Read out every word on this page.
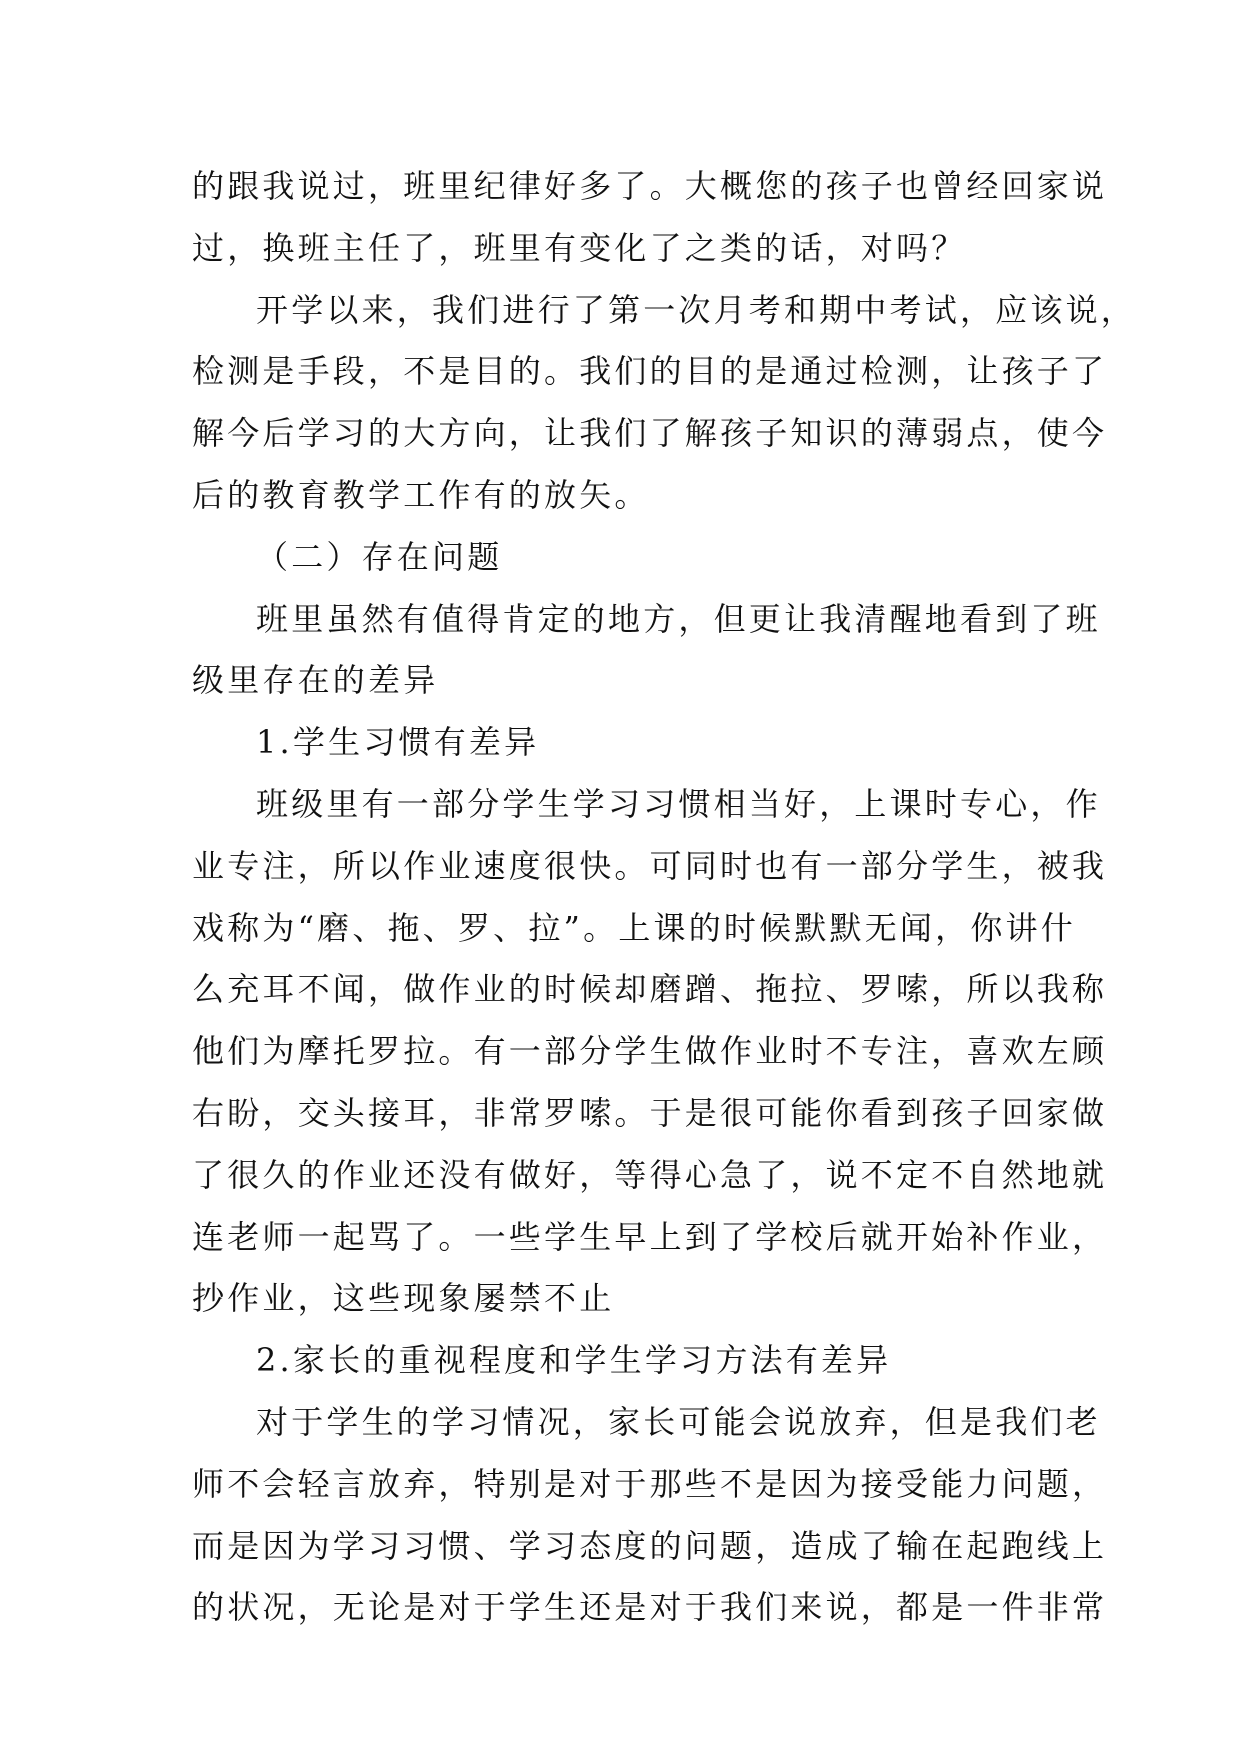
的跟我说过，班里纪律好多了。大概您的孩子也曾经回家说
过，换班主任了，班里有变化了之类的话，对吗？
开学以来，我们进行了第一次月考和期中考试，应该说，
检测是手段，不是目的。我们的目的是通过检测，让孩子了
解今后学习的大方向，让我们了解孩子知识的薄弱点，使今
后的教育教学工作有的放矢。
（二）存在问题
班里虽然有值得肯定的地方，但更让我清醒地看到了班
级里存在的差异
1.学生习惯有差异
班级里有一部分学生学习习惯相当好，上课时专心，作
业专注，所以作业速度很快。可同时也有一部分学生，被我
戏称为“磨、拖、罗、拉”。上课的时候默默无闻，你讲什
么充耳不闻，做作业的时候却磨蹭、拖拉、罗嗦，所以我称
他们为摩托罗拉。有一部分学生做作业时不专注，喜欢左顾
右盼，交头接耳，非常罗嗦。于是很可能你看到孩子回家做
了很久的作业还没有做好，等得心急了，说不定不自然地就
连老师一起骂了。一些学生早上到了学校后就开始补作业，
抄作业，这些现象屡禁不止
2.家长的重视程度和学生学习方法有差异
对于学生的学习情况，家长可能会说放弃，但是我们老
师不会轻言放弃，特别是对于那些不是因为接受能力问题，
而是因为学习习惯、学习态度的问题，造成了输在起跑线上
的状况，无论是对于学生还是对于我们来说，都是一件非常
